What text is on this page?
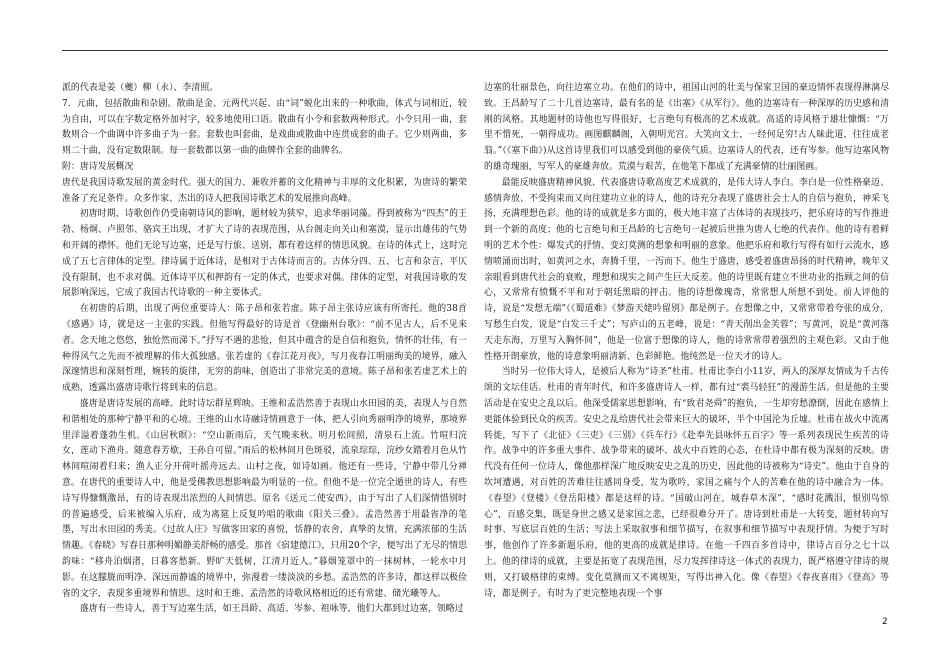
派的代表是姜（夔）柳（永）、李清照。

7．元曲，包括散曲和杂剧。散曲是金、元两代兴起、由“词”蜕化出来的一种歌曲，体式与词相近，较为自由，可以在字数定格外加衬字，较多地使用口语。散曲有小令和套数两种形式。小令只用一曲，套数则合一个曲调中许多曲子为一套。套数也叫套曲，是戏曲或散曲中连贯成套的曲子。它少则两曲，多则二十曲，没有定数限制。每一套数都以第一曲的曲牌作全套的曲牌名。

附：唐诗发展概况

唐代是我国诗歌发展的黄金时代。强大的国力、兼收并蓄的文化精神与丰厚的文化积累，为唐诗的繁荣准备了充足条件。众多作家、杰出的诗人把我国诗歌艺术的发展推向高峰。

初唐时期，诗歌创作仍受南朝诗风的影响，题材较为狭窄，追求华丽词藻。得到被称为“四杰”的王勃、杨炯、卢照邻、骆宾王出现，才扩大了诗的表现范围，从台阁走向关山和塞漠，显示出雄伟的气势和开阔的襟怀。他们无论写边塞，还是写行旅、送别，都有着这样的情思风貌。在诗的体式上，这时完成了五七言律体的定型。律诗属于近体诗，是相对于古体诗而言的。古体分四、五、七言和杂言，平仄没有限制，也不求对偶。近体诗平仄和押韵有一定的体式，也要求对偶。律体的定型，对我国诗歌的发展影响深远，它成了我国古代诗歌的一种主要体式。

在初唐的后期，出现了两位重要诗人：陈子昂和张若虚。陈子昂主张诗应该有所寄托。他的38首《感遇》诗，就是这一主张的实践。但他写得最好的诗是首《登幽州台歌》：“前不见古人，后不见来者。念天地之悠悠，独怆然而涕下。”抒写不遇的悲怆，但其中蕴含的是自信和抱负，情怀的壮伟，有一种得风气之先而不被理解的伟大孤独感。张若虚的《春江花月夜》，写月夜春江明丽绚美的境界，融入深邃情思和深刻哲理，婉转的旋律，无穷的韵味，创造出了非常完美的意境。陈子昂和张若虚艺术上的成熟，透露出盛唐诗歌行将到来的信息。

盛唐是唐诗发展的高峰。此时诗坛群星辉映。王维和孟浩然善于表现山水田园的美，表现人与自然和谐相处的那种宁静平和的心境。王维的山水诗融诗情画意于一体，把人引向秀丽明净的境界，那境界里洋溢着蓬勃生机。《山居秋暝》：“空山新雨后，天气晚来秋。明月松间照，清泉石上流。竹喧归浣女，莲动下渔舟。随意春芳歇，王孙自可留。”雨后的松林间月色斑驳，流泉琮琮，浣纱女踏着月色从竹林间喧闹着归来；渔人正分开荷叶摇舟远去。山村之夜，如诗如画。他还有一些诗，宁静中带几分禅意。在唐代的重要诗人中，他是受佛教思想影响最为明显的一位。但他不是一位完全遁世的诗人，有些诗写得慷慨激昂，有的诗表现出浓烈的人间情思。原名《送元二使安西》，由于写出了人们深情惜别时的普遍感受，后来被编入乐府，成为离筵上反复吟唱的歌曲《阳关三叠》。孟浩然善于用最省净的笔墨，写出水田园的秀美。《过故人庄》写做客田家的喜悦，恬静的农舍，真挚的友情，充满浓郁的生活情趣。《春晓》写春日那种明媚静美舒畅的感受。那首《宿建德江》，只用20个字，便写出了无尽的情思韵味：“移舟泊烟渚，日暮客愁新。野旷天低树，江清月近人。”暮烟笼罩中的一抹树林，一轮水中月影。在这朦胧而明净、深远而静谧的境界中，弥漫着一缕淡淡的乡愁。孟浩然的许多诗，都这样以极俭省的文字，表现多重境界和情思。这时和王维、孟浩然的诗歌风格相近的还有常建、储光曦等人。

盛唐有一些诗人，善于写边塞生活，如王昌龄、高适、岑参、祖咏等，他们大都到过边塞，领略过

边塞的壮丽景色，向往边塞立功。在他们的诗中，祖国山河的壮美与保家卫国的豪迈情怀表现得淋漓尽致。王昌龄写了二十几首边塞诗，最有名的是《出塞》《从军行》。他的边塞诗有一种深厚的历史感和清刚的风格。其地题材的诗他也写得很好，七言绝句有极高的艺术成就。高适的诗风格于雄壮慷慨：“万里不惜死，一朝得成功。画图麒麟阁，入朝明光宫。大笑向文士，一经何足穷!古人昧此道，往往成老翁。”（《塞下曲》)从这首诗里我们可以感受到他的豪侠气质。边塞诗人的代表，还有岑参。他写边塞风物的雄奇瑰丽，写军人的豪雄奔放。荒漠与艰苦，在他笔下都成了充满豪情的壮丽图画。

最能反映盛唐精神风貌、代表盛唐诗歌高度艺术成就的，是伟大诗人李白。李白是一位性格豪迈、感情奔放、不受拘束而又向往建功立业的诗人，他的诗充分表现了盛唐社会士人的自信与抱负，神采飞扬，充满理想色彩。他的诗的成就是多方面的，极大地丰富了古体诗的表现技巧，把乐府诗的写作推进到一个新的高度；他的七言绝句和王昌龄的七言绝句一起被后世推为唐人七绝的代表作。他的诗有着鲜明的艺术个性：爆发式的抒情、变幻莫测的想象和明丽的意象。他把乐府和歌行写得有如行云流水，感情喷涌而出时，如黄河之水，奔腾千里，一泻而下。他生于盛唐，感受着盛唐昂扬的时代精神，晚年又亲眼看到唐代社会的衰败，理想和现实之间产生巨大反差。他的诗里既有建立不世功业的指顾之间的信心，又常常有愤慨不平和对于朝廷黑暗的抨击。他的诗想像瑰奇，常常想人所想不到处。前人评他的诗，说是“发想无端”（《蜀道难》《梦游天姥吟留别》都是例子。在想像之中，又常常带着夸张的成分，写愁生白发，说是“白发三千丈”；写庐山的五老峰，说是：“青天削出金芙蓉”；写黄河，说是“黄河落天走东海，万里写入胸怀间”，他是一位富于想像的诗人，他的诗常常带着强烈的主观色彩。又由于他性格开朗豪放，他的诗意象明丽清新、色彩鲜艳。他纯然是一位天才的诗人。

当时另一位伟大诗人，是被后人称为“诗圣”杜甫。杜甫比李白小11岁，两人的深厚友情成为千古传颂的文坛佳话。杜甫的青年时代，和许多盛唐诗人一样，都有过“裘马轻狂”的漫游生活。但是他的主要活动是在安史之乱以后。他深受儒家思想影响，有“致君尧舜”的抱负，一生却穷愁潦倒，因此在感情上更能体验到民众的疾苦。安史之乱给唐代社会带来巨大的破坏，半个中国沦为丘墟。杜甫在战火中流离转徙，写下了《北征》《三吏》《三别》《兵车行》《赴奉先县咏怀五百字》等一系列表现民生疾苦的诗作。战争中的许多重大事件、战争带来的破坏、战火中百姓的心态，在杜诗中都有极为深刻的反映。唐代没有任何一位诗人，像他那样深广地反映安史之乱的历史，因此他的诗被称为“诗史”。他由于自身的坎坷遭遇，对百姓的苦难往往感同身受，发为歌吟，家国之痛与个人的苦难在他的诗中融合为一体。《春望》《登楼》《登岳阳楼》都是这样的诗。“国破山河在，城春草木深”，“感时花溅泪，恨别鸟惊心”，百感交集，既是身世之感又是家国之悲，已经很难分开了。唐诗到杜甫是一大转变，题材转向写时事、写底层百姓的生活；写法上采取叙事和细节描写，在叙事和细节描写中表现抒情。为便于写时事，他创作了许多新题乐府，他的更高的成就是律诗。在他一千四百多首诗中，律诗占百分之七十以上。他的律诗的成就，主要是拓宽了表现范围，尽力发挥律诗这一体式的表现力，既严格遵守律诗的规则，又打破格律的束缚。变化莫测而又不离规矩，写得出神入化。像《春望》《春夜喜雨》《登高》等诗，都是例子。有时为了更完整地表现一个事

2
